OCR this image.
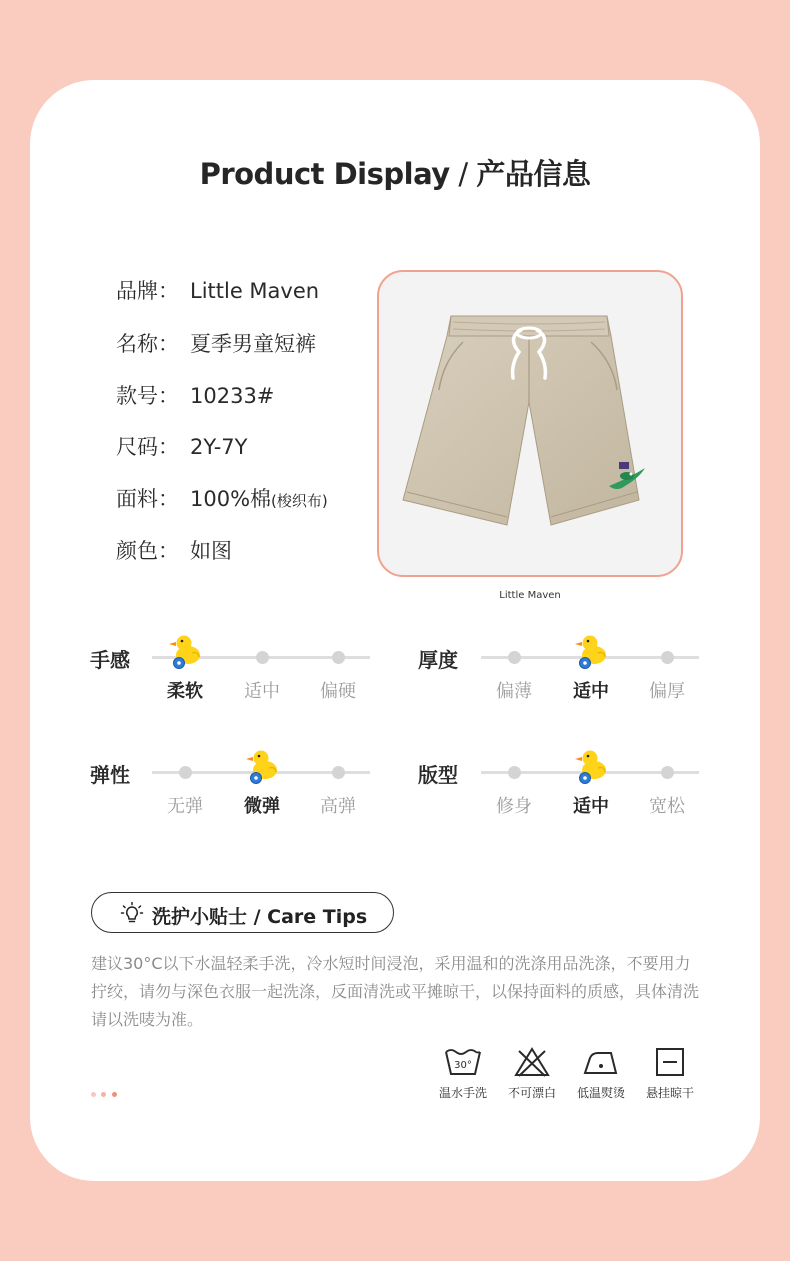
Product Display / 产品信息
品牌： Little Maven
名称： 夏季男童短裤
款号： 10233#
尺码： 2Y-7Y
面料： 100%棉(梭织布)
颜色： 如图
Little Maven
手感
柔软	适中	偏硬
厚度
偏薄	适中	偏厚
弹性
无弹	微弹	高弹
版型
修身	适中	宽松
洗护小贴士 / Care Tips
建议30°C以下水温轻柔手洗，冷水短时间浸泡，采用温和的洗涤用品洗涤，不要用力拧绞，请勿与深色衣服一起洗涤，反面清洗或平摊晾干，以保持面料的质感，具体清洗请以洗唛为准。
30°
温水手洗	不可漂白	低温熨烫	悬挂晾干
